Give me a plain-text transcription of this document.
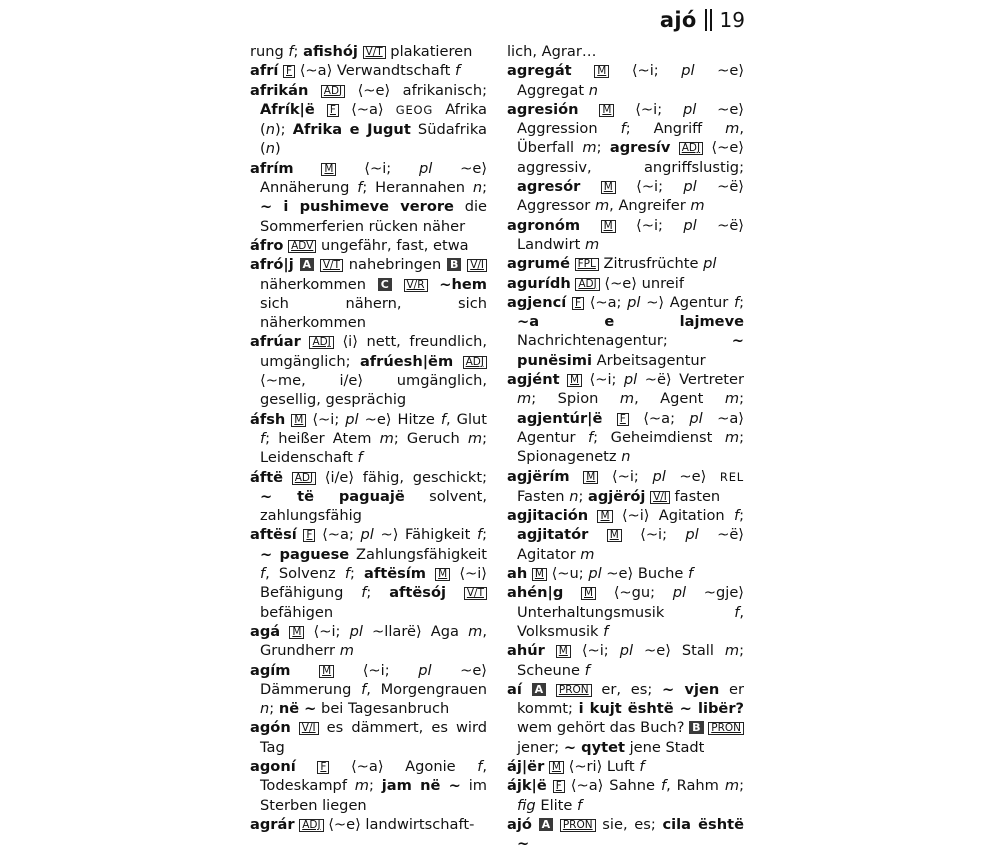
ajó 19

rung f; afishój V/T plakatieren

afrí F ⟨~a⟩ Verwandtschaft f

afrikán ADJ ⟨~e⟩ afrikanisch; Afrík|ë F ⟨~a⟩ GEOG Afrika (n); Afrika e Jugut Südafrika (n)

afrím	M ⟨~i; pl ~e⟩ Annäherung f; Herannahen n; ~ i pushimeve verore die Sommerferien rücken näher

áfro ADV ungefähr, fast, etwa

afró|j A V/T nahebringen B V/I näherkommen C V/R ~hem sich nähern, sich näherkommen

afrúar ADJ ⟨i⟩ nett, freundlich, umgänglich; afrúesh|ëm ADJ ⟨~me, i/e⟩ umgänglich, gesellig, gesprächig

áfsh M ⟨~i; pl ~e⟩ Hitze f, Glut f; heißer Atem m; Geruch m; Leidenschaft f

áftë ADJ ⟨i/e⟩ fähig, geschickt; ~ të paguajë solvent, zahlungsfähig

aftësí F ⟨~a; pl ~⟩ Fähigkeit f; ~ paguese Zahlungsfähigkeit f, Solvenz f; aftësím M ⟨~i⟩ Befähigung f; aftësój V/T befähigen

agá M ⟨~i; pl ~llarë⟩ Aga m, Grundherr m

agím	M ⟨~i; pl ~e⟩ Dämmerung f, Morgengrauen n; në ~ bei Tagesanbruch

agón V/I es dämmert, es wird Tag

agoní F ⟨~a⟩ Agonie f, Todeskampf m; jam në ~ im Sterben liegen

agrár ADJ ⟨~e⟩ landwirtschaft-

lich, Agrar…

agregát M ⟨~i; pl ~e⟩ Aggregat n

agresión M ⟨~i; pl ~e⟩ Aggression f; Angriff m, Überfall m; agresív ADJ ⟨~e⟩ aggressiv, angriffslustig; agresór M ⟨~i; pl ~ë⟩ Aggressor m, Angreifer m

agronóm M ⟨~i; pl ~ë⟩ Landwirt m

agrumé FPL Zitrusfrüchte pl

agurídh ADJ ⟨~e⟩ unreif

agjencí F ⟨~a; pl ~⟩ Agentur f; ~a e lajmeve Nachrichtenagentur; ~ punësimi Arbeitsagentur

agjént M ⟨~i; pl ~ë⟩ Vertreter m; Spion m, Agent m; agjentúr|ë F ⟨~a; pl ~a⟩ Agentur f; Geheimdienst m; Spionagenetz n

agjërím M ⟨~i; pl ~e⟩ REL Fasten n; agjërój V/I fasten

agjitación M ⟨~i⟩ Agitation f; agjitatór M ⟨~i; pl ~ë⟩ Agitator m

ah M ⟨~u; pl ~e⟩ Buche f

ahén|g M ⟨~gu; pl ~gje⟩ Unterhaltungsmusik f, Volksmusik f

ahúr M ⟨~i; pl ~e⟩ Stall m; Scheune f

aí A PRON er, es; ~ vjen er kommt; i kujt është ~ libër? wem gehört das Buch? B PRON jener; ~ qytet jene Stadt

áj|ër M ⟨~ri⟩ Luft f

ájk|ë F ⟨~a⟩ Sahne f, Rahm m; fig Elite f

ajó A PRON sie, es; cila është ~
